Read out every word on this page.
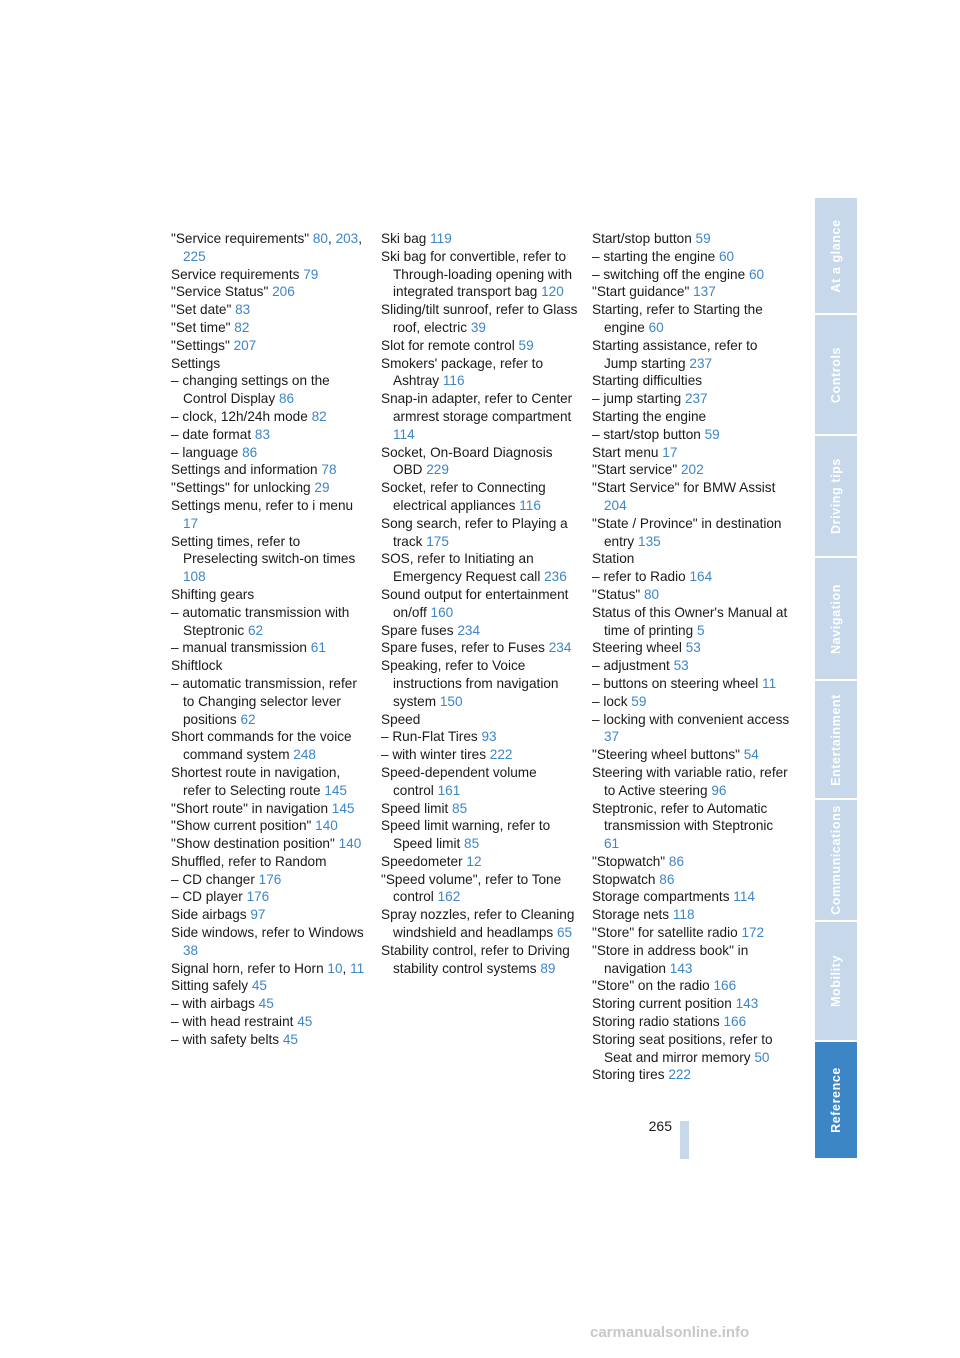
"Service requirements" 80, 203, 225
Service requirements 79
"Service Status" 206
"Set date" 83
"Set time" 82
"Settings" 207
Settings
– changing settings on the Control Display 86
– clock, 12h/24h mode 82
– date format 83
– language 86
Settings and information 78
"Settings" for unlocking 29
Settings menu, refer to i menu 17
Setting times, refer to Preselecting switch-on times 108
Shifting gears
– automatic transmission with Steptronic 62
– manual transmission 61
Shiftlock
– automatic transmission, refer to Changing selector lever positions 62
Short commands for the voice command system 248
Shortest route in navigation, refer to Selecting route 145
"Short route" in navigation 145
"Show current position" 140
"Show destination position" 140
Shuffled, refer to Random
– CD changer 176
– CD player 176
Side airbags 97
Side windows, refer to Windows 38
Signal horn, refer to Horn 10, 11
Sitting safely 45
– with airbags 45
– with head restraint 45
– with safety belts 45
Ski bag 119
Ski bag for convertible, refer to Through-loading opening with integrated transport bag 120
Sliding/tilt sunroof, refer to Glass roof, electric 39
Slot for remote control 59
Smokers' package, refer to Ashtray 116
Snap-in adapter, refer to Center armrest storage compartment 114
Socket, On-Board Diagnosis OBD 229
Socket, refer to Connecting electrical appliances 116
Song search, refer to Playing a track 175
SOS, refer to Initiating an Emergency Request call 236
Sound output for entertainment on/off 160
Spare fuses 234
Spare fuses, refer to Fuses 234
Speaking, refer to Voice instructions from navigation system 150
Speed
– Run-Flat Tires 93
– with winter tires 222
Speed-dependent volume control 161
Speed limit 85
Speed limit warning, refer to Speed limit 85
Speedometer 12
"Speed volume", refer to Tone control 162
Spray nozzles, refer to Cleaning windshield and headlamps 65
Stability control, refer to Driving stability control systems 89
Start/stop button 59
– starting the engine 60
– switching off the engine 60
"Start guidance" 137
Starting, refer to Starting the engine 60
Starting assistance, refer to Jump starting 237
Starting difficulties
– jump starting 237
Starting the engine
– start/stop button 59
Start menu 17
"Start service" 202
"Start Service" for BMW Assist 204
"State / Province" in destination entry 135
Station
– refer to Radio 164
"Status" 80
Status of this Owner's Manual at time of printing 5
Steering wheel 53
– adjustment 53
– buttons on steering wheel 11
– lock 59
– locking with convenient access 37
"Steering wheel buttons" 54
Steering with variable ratio, refer to Active steering 96
Steptronic, refer to Automatic transmission with Steptronic 61
"Stopwatch" 86
Stopwatch 86
Storage compartments 114
Storage nets 118
"Store" for satellite radio 172
"Store in address book" in navigation 143
"Store" on the radio 166
Storing current position 143
Storing radio stations 166
Storing seat positions, refer to Seat and mirror memory 50
Storing tires 222
265
At a glance
Controls
Driving tips
Navigation
Entertainment
Communications
Mobility
Reference
carmanualsonline.info
